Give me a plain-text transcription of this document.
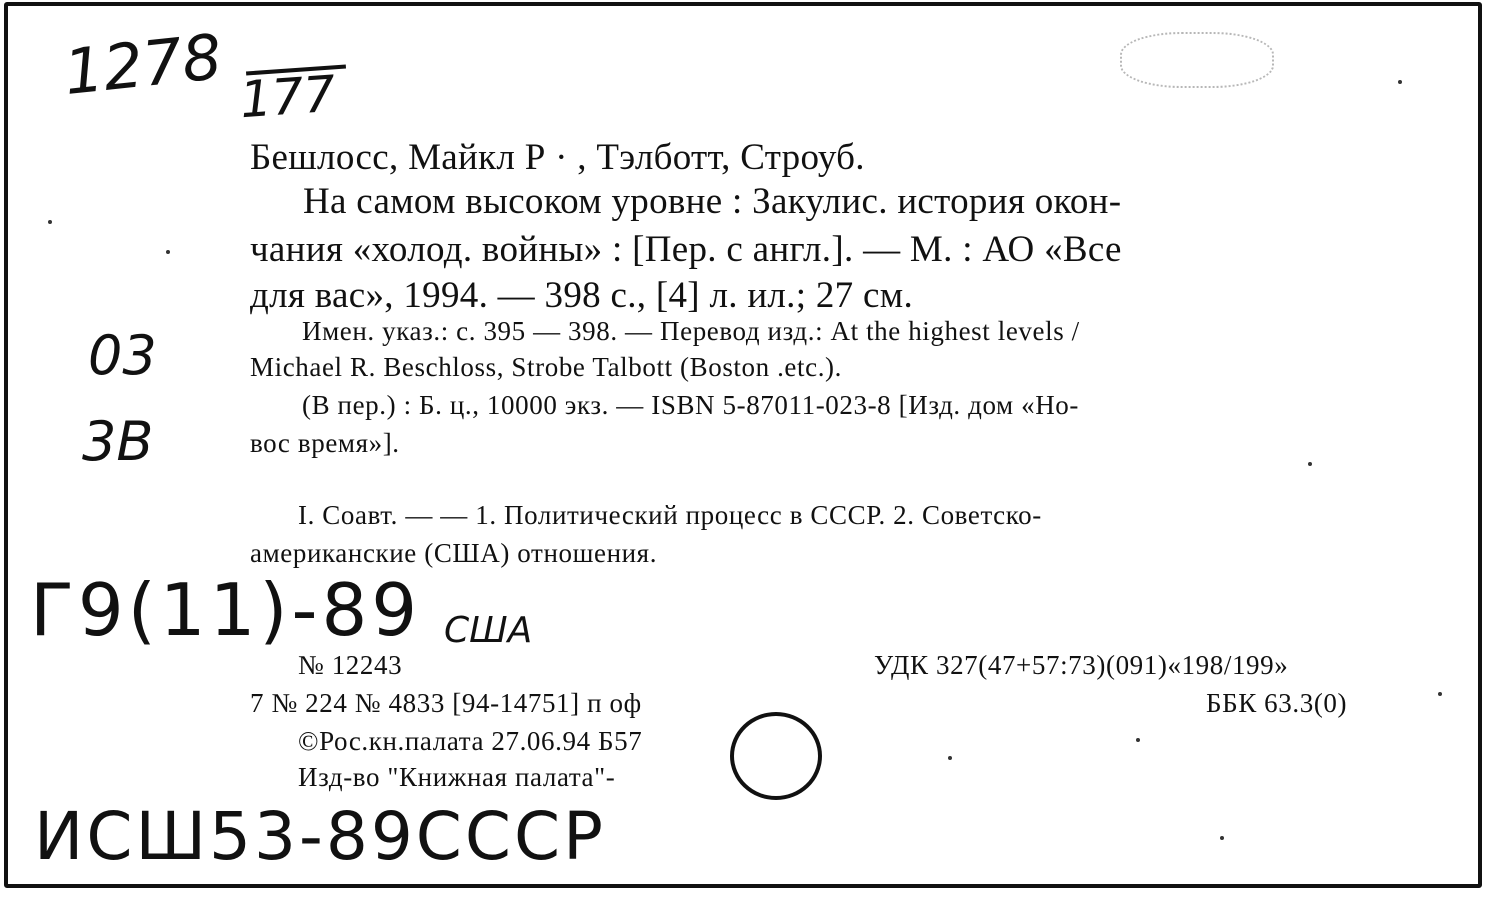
1278 177
Бешлосс, Майкл Р · , Тэлботт, Строуб.
На самом высоком уровне : Закулис. история окон-
чания «холод. войны» : [Пер. с англ.]. — М. : АО «Все
для вас», 1994. — 398 с., [4] л. ил.; 27 см.
Имен. указ.: с. 395 — 398. — Перевод изд.: At the highest levels /
Michael R. Beschloss, Strobe Talbott (Boston .etc.).
(В пер.) : Б. ц., 10000 экз. — ISBN 5-87011-023-8 [Изд. дом «Но-
вос время»].
03
3B
I. Соавт. — — 1. Политический процесс в СССР. 2. Советско-
американские (США) отношения.
Г9(11)-89 США
№ 12243	УДК 327(47+57:73)(091)«198/199»
7 № 224 № 4833 [94-14751] п оф	ББК 63.3(0)
©Рос.кн.палата 27.06.94 Б57
Изд-во "Книжная палата"-
ИСШ53-89СССР
